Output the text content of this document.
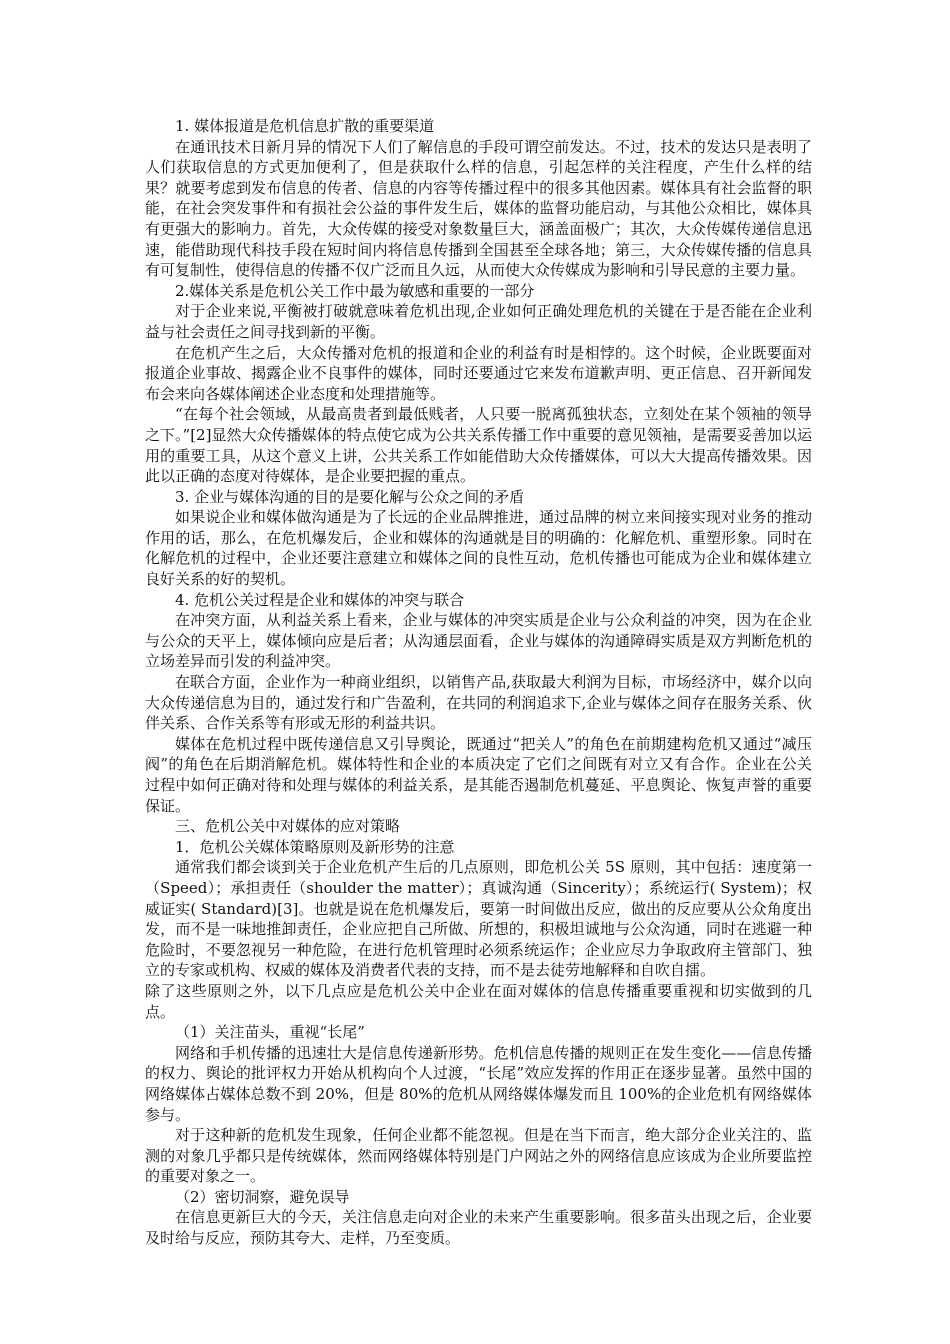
1. 媒体报道是危机信息扩散的重要渠道

在通讯技术日新月异的情况下人们了解信息的手段可谓空前发达。不过，技术的发达只是表明了人们获取信息的方式更加便利了，但是获取什么样的信息，引起怎样的关注程度，产生什么样的结果？就要考虑到发布信息的传者、信息的内容等传播过程中的很多其他因素。媒体具有社会监督的职能，在社会突发事件和有损社会公益的事件发生后，媒体的监督功能启动，与其他公众相比，媒体具有更强大的影响力。首先，大众传媒的接受对象数量巨大，涵盖面极广；其次，大众传媒传递信息迅速，能借助现代科技手段在短时间内将信息传播到全国甚至全球各地；第三，大众传媒传播的信息具有可复制性，使得信息的传播不仅广泛而且久远，从而使大众传媒成为影响和引导民意的主要力量。

2.媒体关系是危机公关工作中最为敏感和重要的一部分

对于企业来说,平衡被打破就意味着危机出现,企业如何正确处理危机的关键在于是否能在企业利益与社会责任之间寻找到新的平衡。

在危机产生之后，大众传播对危机的报道和企业的利益有时是相悖的。这个时候，企业既要面对报道企业事故、揭露企业不良事件的媒体，同时还要通过它来发布道歉声明、更正信息、召开新闻发布会来向各媒体阐述企业态度和处理措施等。

“在每个社会领域，从最高贵者到最低贱者，人只要一脱离孤独状态，立刻处在某个领袖的领导之下。”[2]显然大众传播媒体的特点使它成为公共关系传播工作中重要的意见领袖，是需要妥善加以运用的重要工具，从这个意义上讲，公共关系工作如能借助大众传播媒体，可以大大提高传播效果。因此以正确的态度对待媒体，是企业要把握的重点。

3. 企业与媒体沟通的目的是要化解与公众之间的矛盾

如果说企业和媒体做沟通是为了长远的企业品牌推进，通过品牌的树立来间接实现对业务的推动作用的话，那么，在危机爆发后，企业和媒体的沟通就是目的明确的：化解危机、重塑形象。同时在化解危机的过程中，企业还要注意建立和媒体之间的良性互动，危机传播也可能成为企业和媒体建立良好关系的好的契机。

4. 危机公关过程是企业和媒体的冲突与联合

在冲突方面，从利益关系上看来，企业与媒体的冲突实质是企业与公众利益的冲突，因为在企业与公众的天平上，媒体倾向应是后者；从沟通层面看，企业与媒体的沟通障碍实质是双方判断危机的立场差异而引发的利益冲突。

在联合方面，企业作为一种商业组织，以销售产品,获取最大利润为目标，市场经济中，媒介以向大众传递信息为目的，通过发行和广告盈利，在共同的利润追求下,企业与媒体之间存在服务关系、伙伴关系、合作关系等有形或无形的利益共识。

媒体在危机过程中既传递信息又引导舆论，既通过“把关人”的角色在前期建构危机又通过“减压阀”的角色在后期消解危机。媒体特性和企业的本质决定了它们之间既有对立又有合作。企业在公关过程中如何正确对待和处理与媒体的利益关系，是其能否遏制危机蔓延、平息舆论、恢复声誉的重要保证。

三、危机公关中对媒体的应对策略

1．危机公关媒体策略原则及新形势的注意

通常我们都会谈到关于企业危机产生后的几点原则，即危机公关 5S 原则，其中包括：速度第一（Speed）；承担责任（shoulder the matter）；真诚沟通（Sincerity）；系统运行( System)；权威证实( Standard)[3]。也就是说在危机爆发后，要第一时间做出反应，做出的反应要从公众角度出发，而不是一味地推卸责任，企业应把自己所做、所想的，积极坦诚地与公众沟通，同时在逃避一种危险时，不要忽视另一种危险，在进行危机管理时必须系统运作；企业应尽力争取政府主管部门、独立的专家或机构、权威的媒体及消费者代表的支持，而不是去徒劳地解释和自吹自擂。

除了这些原则之外，以下几点应是危机公关中企业在面对媒体的信息传播重要重视和切实做到的几点。

（1）关注苗头，重视“长尾”

网络和手机传播的迅速壮大是信息传递新形势。危机信息传播的规则正在发生变化——信息传播的权力、舆论的批评权力开始从机构向个人过渡，“长尾”效应发挥的作用正在逐步显著。虽然中国的网络媒体占媒体总数不到 20%，但是 80%的危机从网络媒体爆发而且 100%的企业危机有网络媒体参与。

对于这种新的危机发生现象，任何企业都不能忽视。但是在当下而言，绝大部分企业关注的、监测的对象几乎都只是传统媒体，然而网络媒体特别是门户网站之外的网络信息应该成为企业所要监控的重要对象之一。

（2）密切洞察，避免误导

在信息更新巨大的今天，关注信息走向对企业的未来产生重要影响。很多苗头出现之后，企业要及时给与反应，预防其夸大、走样，乃至变质。
